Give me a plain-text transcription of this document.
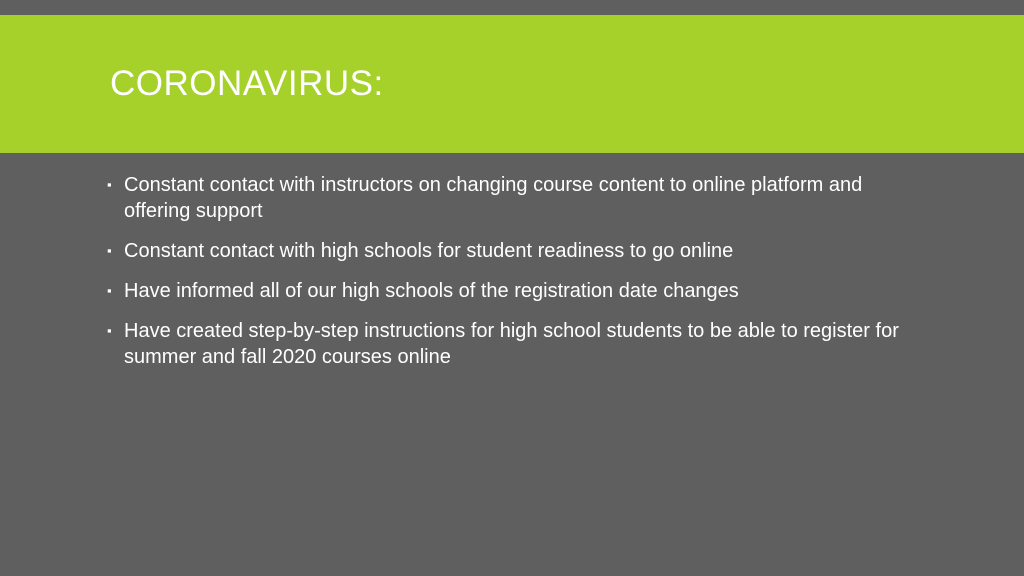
CORONAVIRUS:
▪ Constant contact with instructors on changing course content to online platform and offering support
▪ Constant contact with high schools for student readiness to go online
▪ Have informed all of our high schools of the registration date changes
▪ Have created step-by-step instructions for high school students to be able to register for summer and fall 2020 courses online
